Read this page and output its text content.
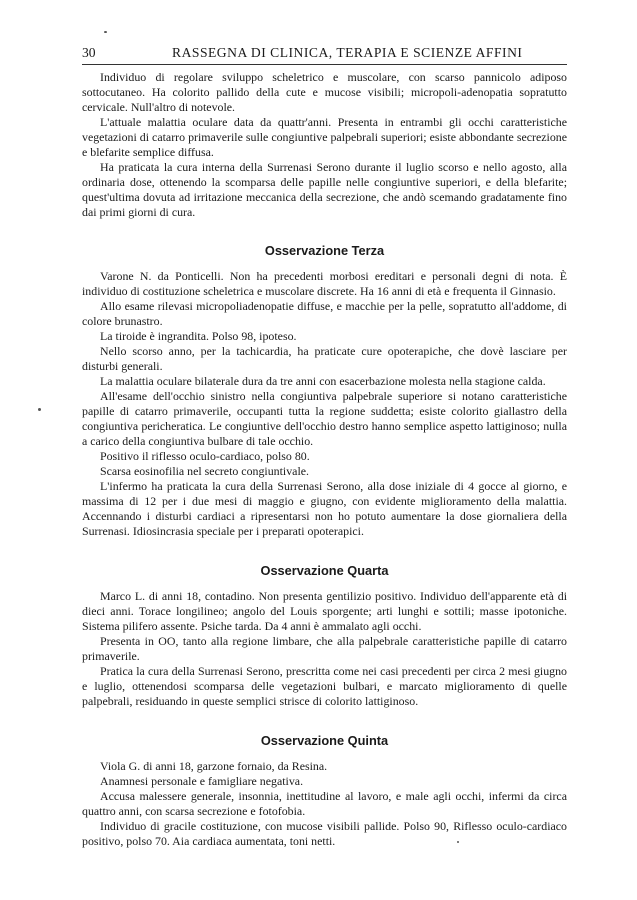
30	RASSEGNA DI CLINICA, TERAPIA E SCIENZE AFFINI

Individuo di regolare sviluppo scheletrico e muscolare, con scarso pannicolo adiposo sottocutaneo. Ha colorito pallido della cute e mucose visibili; micropoli-adenopatia sopratutto cervicale. Null'altro di notevole.

L'attuale malattia oculare data da quattr'anni. Presenta in entrambi gli occhi caratteristiche vegetazioni di catarro primaverile sulle congiuntive palpebrali superiori; esiste abbondante secrezione e blefarite semplice diffusa.

Ha praticata la cura interna della Surrenasi Serono durante il luglio scorso e nello agosto, alla ordinaria dose, ottenendo la scomparsa delle papille nelle congiuntive superiori, e della blefarite; quest'ultima dovuta ad irritazione meccanica della secrezione, che andò scemando gradatamente fino dai primi giorni di cura.

Osservazione Terza

Varone N. da Ponticelli. Non ha precedenti morbosi ereditari e personali degni di nota. È individuo di costituzione scheletrica e muscolare discrete. Ha 16 anni di età e frequenta il Ginnasio.

Allo esame rilevasi micropoliadenopatie diffuse, e macchie per la pelle, sopratutto all'addome, di colore brunastro.

La tiroide è ingrandita. Polso 98, ipoteso.

Nello scorso anno, per la tachicardia, ha praticate cure opoterapiche, che dovè lasciare per disturbi generali.

La malattia oculare bilaterale dura da tre anni con esacerbazione molesta nella stagione calda.

All'esame dell'occhio sinistro nella congiuntiva palpebrale superiore si notano caratteristiche papille di catarro primaverile, occupanti tutta la regione suddetta; esiste colorito giallastro della congiuntiva pericheratica. Le congiuntive dell'occhio destro hanno semplice aspetto lattiginoso; nulla a carico della congiuntiva bulbare di tale occhio.

Positivo il riflesso oculo-cardiaco, polso 80.

Scarsa eosinofilia nel secreto congiuntivale.

L'infermo ha praticata la cura della Surrenasi Serono, alla dose iniziale di 4 gocce al giorno, e massima di 12 per i due mesi di maggio e giugno, con evidente miglioramento della malattia. Accennando i disturbi cardiaci a ripresentarsi non ho potuto aumentare la dose giornaliera della Surrenasi. Idiosincrasia speciale per i preparati opoterapici.

Osservazione Quarta

Marco L. di anni 18, contadino. Non presenta gentilizio positivo. Individuo dell'apparente età di dieci anni. Torace longilineo; angolo del Louis sporgente; arti lunghi e sottili; masse ipotoniche. Sistema pilifero assente. Psiche tarda. Da 4 anni è ammalato agli occhi.

Presenta in OO, tanto alla regione limbare, che alla palpebrale caratteristiche papille di catarro primaverile.

Pratica la cura della Surrenasi Serono, prescritta come nei casi precedenti per circa 2 mesi giugno e luglio, ottenendosi scomparsa delle vegetazioni bulbari, e marcato miglioramento di quelle palpebrali, residuando in queste semplici strisce di colorito lattiginoso.

Osservazione Quinta

Viola G. di anni 18, garzone fornaio, da Resina.

Anamnesi personale e famigliare negativa.

Accusa malessere generale, insonnia, inettitudine al lavoro, e male agli occhi, infermi da circa quattro anni, con scarsa secrezione e fotofobia.

Individuo di gracile costituzione, con mucose visibili pallide. Polso 90, Riflesso oculo-cardiaco positivo, polso 70. Aia cardiaca aumentata, toni netti.
